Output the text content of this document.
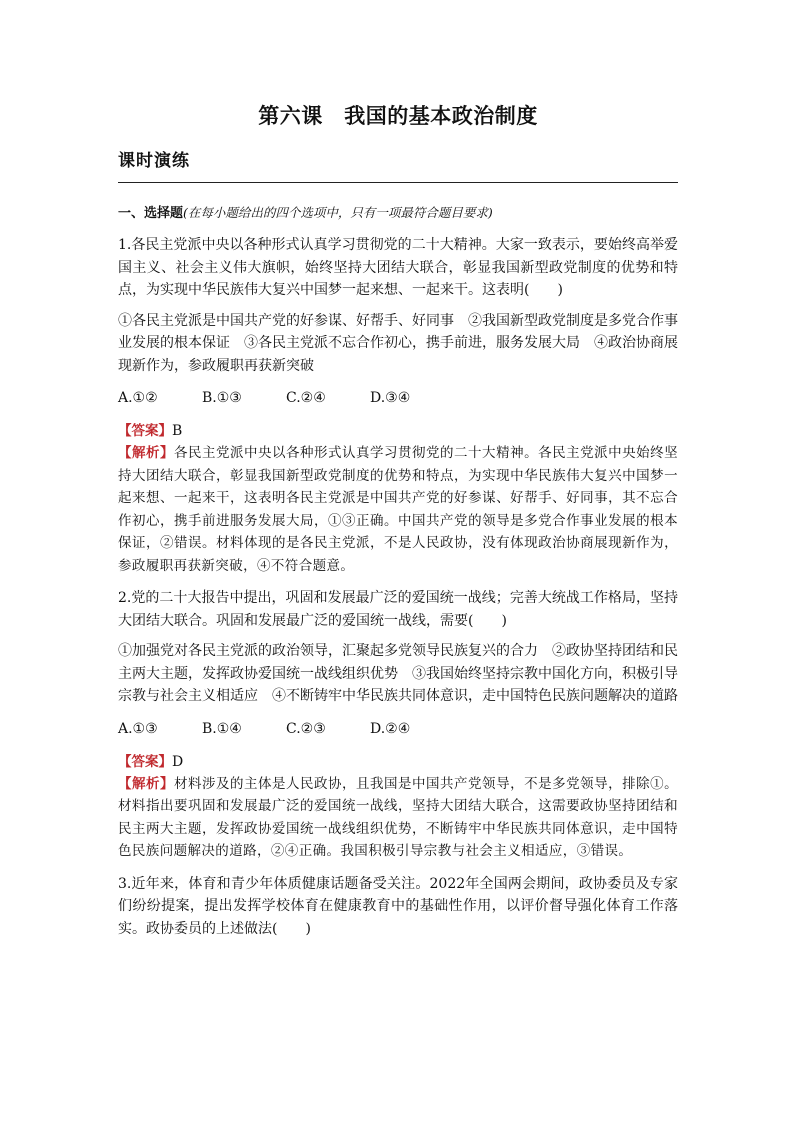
第六课　我国的基本政治制度
课时演练
一、选择题(在每小题给出的四个选项中，只有一项最符合题目要求)
1.各民主党派中央以各种形式认真学习贯彻党的二十大精神。大家一致表示，要始终高举爱国主义、社会主义伟大旗帜，始终坚持大团结大联合，彰显我国新型政党制度的优势和特点，为实现中华民族伟大复兴中国梦一起来想、一起来干。这表明(　　)
①各民主党派是中国共产党的好参谋、好帮手、好同事　②我国新型政党制度是多党合作事业发展的根本保证　③各民主党派不忘合作初心，携手前进，服务发展大局　④政治协商展现新作为，参政履职再获新突破
A.①②	B.①③	C.②④	D.③④
【答案】B
【解析】各民主党派中央以各种形式认真学习贯彻党的二十大精神。各民主党派中央始终坚持大团结大联合，彰显我国新型政党制度的优势和特点，为实现中华民族伟大复兴中国梦一起来想、一起来干，这表明各民主党派是中国共产党的好参谋、好帮手、好同事，其不忘合作初心，携手前进服务发展大局，①③正确。中国共产党的领导是多党合作事业发展的根本保证，②错误。材料体现的是各民主党派，不是人民政协，没有体现政治协商展现新作为，参政履职再获新突破，④不符合题意。
2.党的二十大报告中提出，巩固和发展最广泛的爱国统一战线；完善大统战工作格局，坚持大团结大联合。巩固和发展最广泛的爱国统一战线，需要(　　)
①加强党对各民主党派的政治领导，汇聚起多党领导民族复兴的合力　②政协坚持团结和民主两大主题，发挥政协爱国统一战线组织优势　③我国始终坚持宗教中国化方向，积极引导宗教与社会主义相适应　④不断铸牢中华民族共同体意识，走中国特色民族问题解决的道路
A.①③	B.①④	C.②③	D.②④
【答案】D
【解析】材料涉及的主体是人民政协，且我国是中国共产党领导，不是多党领导，排除①。材料指出要巩固和发展最广泛的爱国统一战线，坚持大团结大联合，这需要政协坚持团结和民主两大主题，发挥政协爱国统一战线组织优势，不断铸牢中华民族共同体意识，走中国特色民族问题解决的道路，②④正确。我国积极引导宗教与社会主义相适应，③错误。
3.近年来，体育和青少年体质健康话题备受关注。2022年全国两会期间，政协委员及专家们纷纷提案，提出发挥学校体育在健康教育中的基础性作用，以评价督导强化体育工作落实。政协委员的上述做法(　　)
